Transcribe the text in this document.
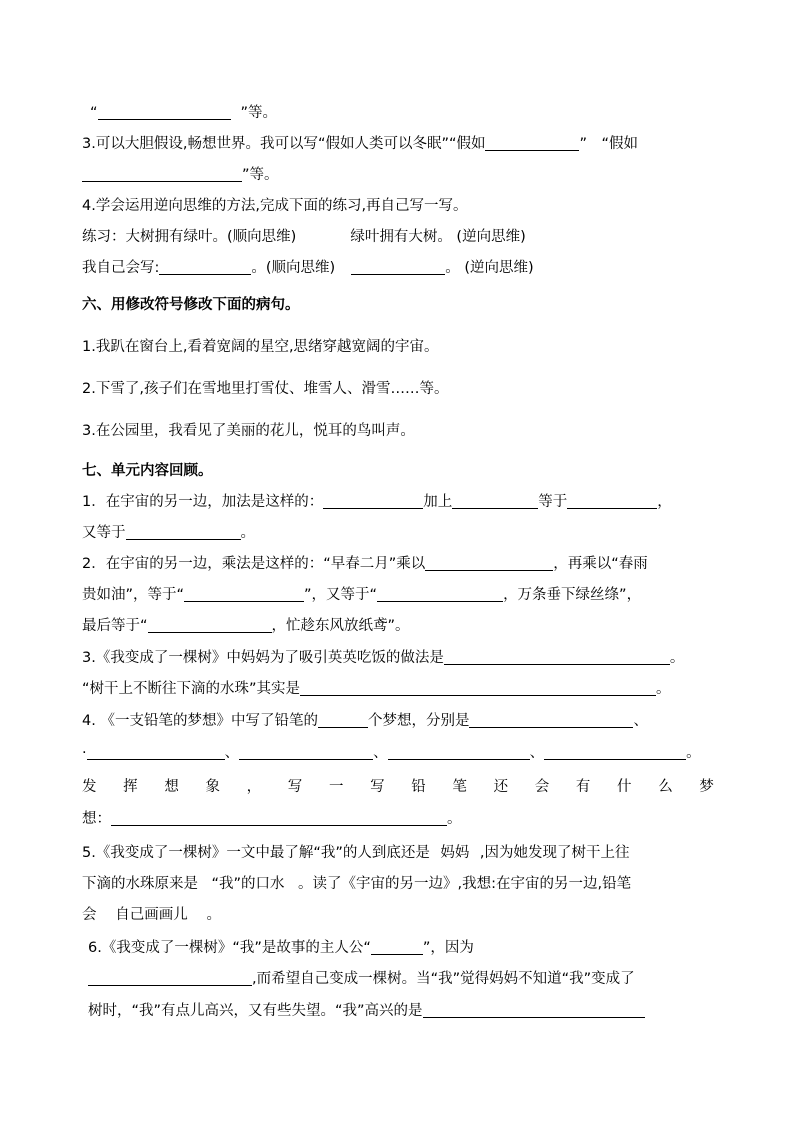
“	”等。
3.可以大胆假设,畅想世界。我可以写“假如人类可以冬眠”“假如	”　“假如
”等。
4.学会运用逆向思维的方法,完成下面的练习,再自己写一写。
练习：大树拥有绿叶。(顺向思维)	绿叶拥有大树。 (逆向思维)
我自己会写:	。(顺向思维)	。 (逆向思维)
六、用修改符号修改下面的病句。
1.我趴在窗台上,看着宽阔的星空,思绪穿越宽阔的宇宙。
2.下雪了,孩子们在雪地里打雪仗、堆雪人、滑雪……等。
3.在公园里，我看见了美丽的花儿，悦耳的鸟叫声。
七、单元内容回顾。
1．在宇宙的另一边，加法是这样的：	加上	等于	，
又等于	。
2．在宇宙的另一边，乘法是这样的：“早春二月”乘以	，再乘以“春雨
贵如油”，等于“	”，又等于“	，万条垂下绿丝绦”，
最后等于“	，忙趁东风放纸鸢”。
3.《我变成了一棵树》中妈妈为了吸引英英吃饭的做法是	。
“树干上不断往下滴的水珠”其实是	。
4. 《一支铅笔的梦想》中写了铅笔的	个梦想，分别是	、
·	、	、	、	。
发 挥 想 象 ， 写 一 写 铅 笔 还 会 有 什 么 梦
想：	。
5.《我变成了一棵树》一文中最了解“我”的人到底还是 妈妈 ,因为她发现了树干上往
下滴的水珠原来是 “我”的口水 。读了《宇宙的另一边》,我想:在宇宙的另一边,铅笔
会 自己画画儿 。
6.《我变成了一棵树》“我”是故事的主人公“	”，因为
,而希望自己变成一棵树。当“我”觉得妈妈不知道“我”变成了
树时，“我”有点儿高兴，又有些失望。“我”高兴的是
